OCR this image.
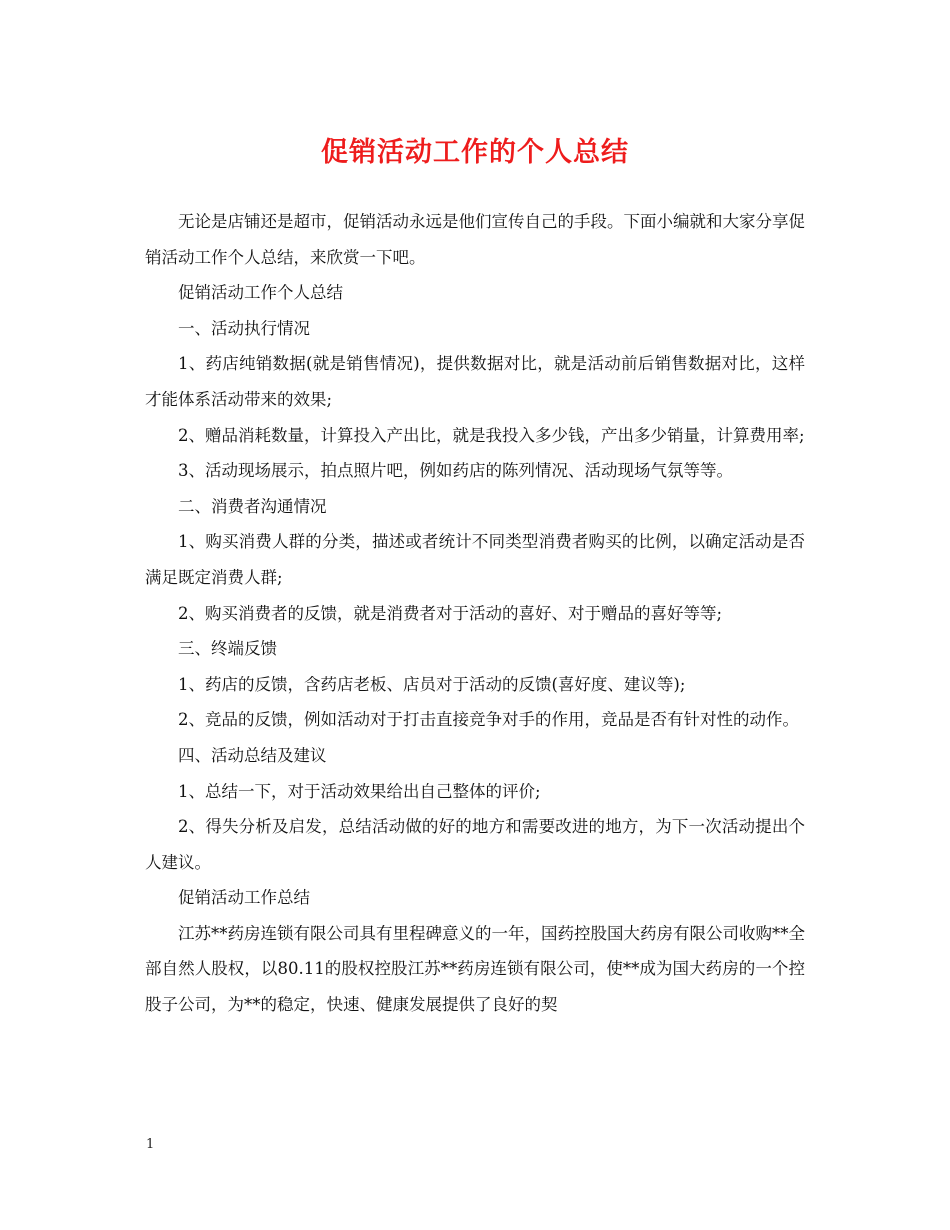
促销活动工作的个人总结

无论是店铺还是超市，促销活动永远是他们宣传自己的手段。下面小编就和大家分享促销活动工作个人总结，来欣赏一下吧。

促销活动工作个人总结

一、活动执行情况

1、药店纯销数据(就是销售情况)，提供数据对比，就是活动前后销售数据对比，这样才能体系活动带来的效果;

2、赠品消耗数量，计算投入产出比，就是我投入多少钱，产出多少销量，计算费用率;

3、活动现场展示，拍点照片吧，例如药店的陈列情况、活动现场气氛等等。

二、消费者沟通情况

1、购买消费人群的分类，描述或者统计不同类型消费者购买的比例，以确定活动是否满足既定消费人群;

2、购买消费者的反馈，就是消费者对于活动的喜好、对于赠品的喜好等等;

三、终端反馈

1、药店的反馈，含药店老板、店员对于活动的反馈(喜好度、建议等);

2、竞品的反馈，例如活动对于打击直接竞争对手的作用，竞品是否有针对性的动作。

四、活动总结及建议

1、总结一下，对于活动效果给出自己整体的评价;

2、得失分析及启发，总结活动做的好的地方和需要改进的地方，为下一次活动提出个人建议。

促销活动工作总结

江苏**药房连锁有限公司具有里程碑意义的一年，国药控股国大药房有限公司收购**全部自然人股权，以80.11的股权控股江苏**药房连锁有限公司，使**成为国大药房的一个控股子公司，为**的稳定，快速、健康发展提供了良好的契

1
